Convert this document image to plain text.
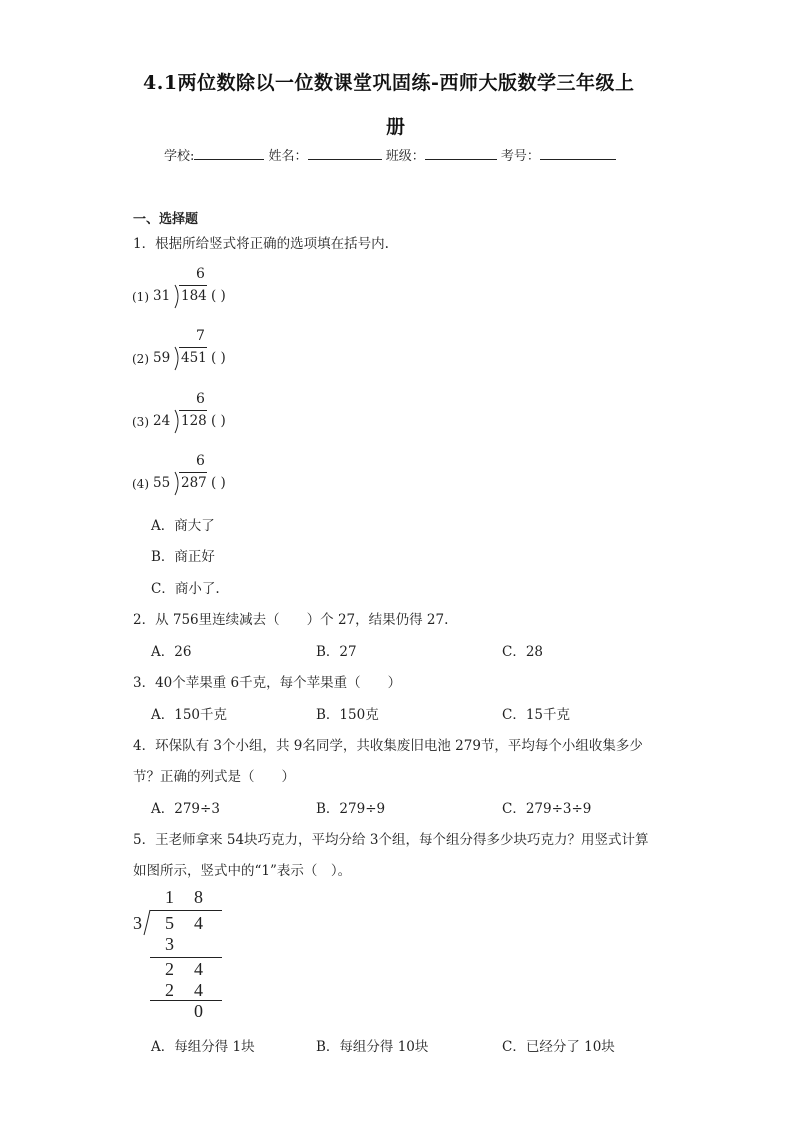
4.1两位数除以一位数课堂巩固练-西师大版数学三年级上
册
学校:	姓名：	班级：	考号：
一、选择题
1．根据所给竖式将正确的选项填在括号内.
6
(1) 31 184 ( )
7
(2) 59 451 ( )
6
(3) 24 128 ( )
6
(4) 55 287 ( )
A．商大了
B．商正好
C．商小了.
2．从 756里连续减去（　　）个 27，结果仍得 27.
A．26	B．27	C．28
3．40个苹果重 6千克，每个苹果重（　　）
A．150千克	B．150克	C．15千克
4．环保队有 3个小组，共 9名同学，共收集废旧电池 279节，平均每个小组收集多少
节？正确的列式是（　　）
A．279÷3	B．279÷9	C．279÷3÷9
5．王老师拿来 54块巧克力，平均分给 3个组，每个组分得多少块巧克力？用竖式计算
如图所示，竖式中的“1”表示（　）。
1 8
3 5 4
3
2 4
2 4
0
A．每组分得 1块	B．每组分得 10块	C．已经分了 10块
